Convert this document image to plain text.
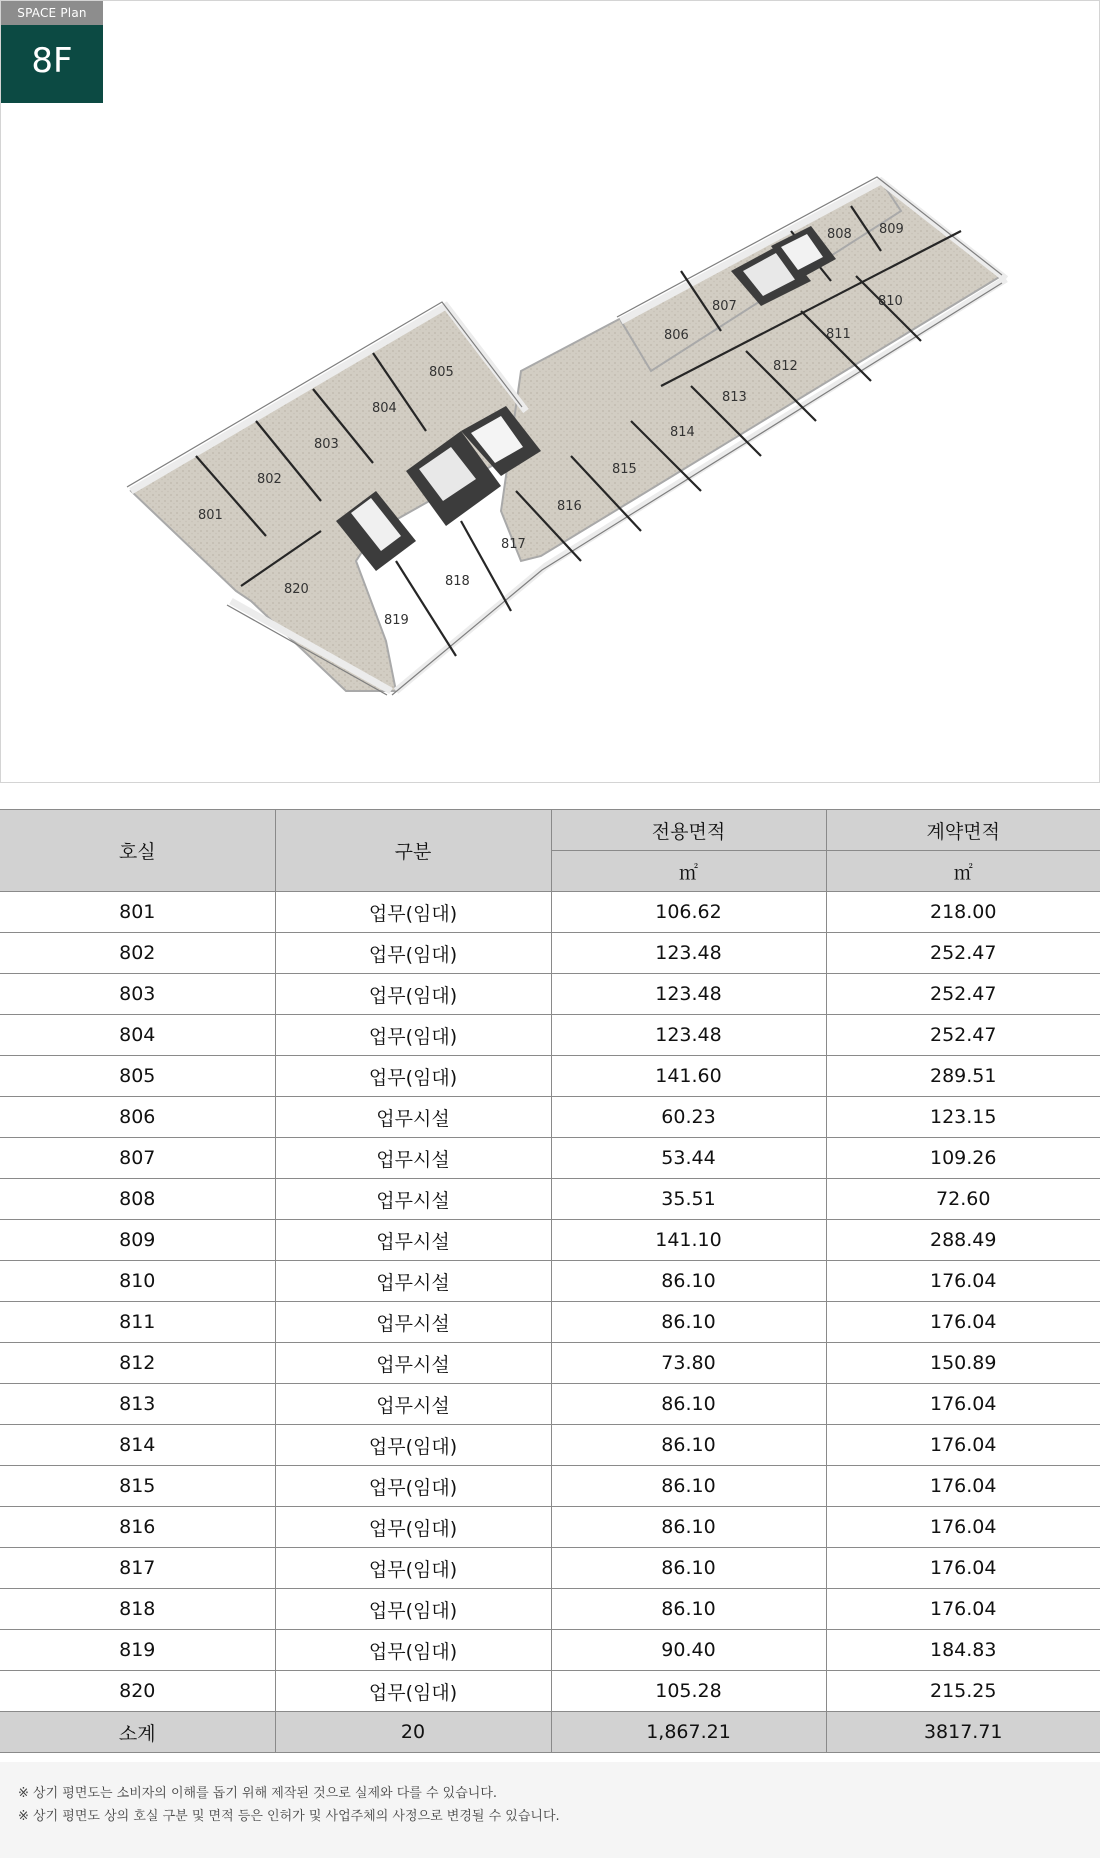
SPACE Plan
8F
801
802
803
804
805
806
807
808 809
810
811
812
813
814
815
816
817
818
819
820
호실	구분	전용면적	계약면적
		㎡	㎡
801	업무(임대)	106.62	218.00
802	업무(임대)	123.48	252.47
803	업무(임대)	123.48	252.47
804	업무(임대)	123.48	252.47
805	업무(임대)	141.60	289.51
806	업무시설	60.23	123.15
807	업무시설	53.44	109.26
808	업무시설	35.51	72.60
809	업무시설	141.10	288.49
810	업무시설	86.10	176.04
811	업무시설	86.10	176.04
812	업무시설	73.80	150.89
813	업무시설	86.10	176.04
814	업무(임대)	86.10	176.04
815	업무(임대)	86.10	176.04
816	업무(임대)	86.10	176.04
817	업무(임대)	86.10	176.04
818	업무(임대)	86.10	176.04
819	업무(임대)	90.40	184.83
820	업무(임대)	105.28	215.25
소계	20	1,867.21	3817.71
※ 상기 평면도는 소비자의 이해를 돕기 위해 제작된 것으로 실제와 다를 수 있습니다.
※ 상기 평면도 상의 호실 구분 및 면적 등은 인허가 및 사업주체의 사정으로 변경될 수 있습니다.
